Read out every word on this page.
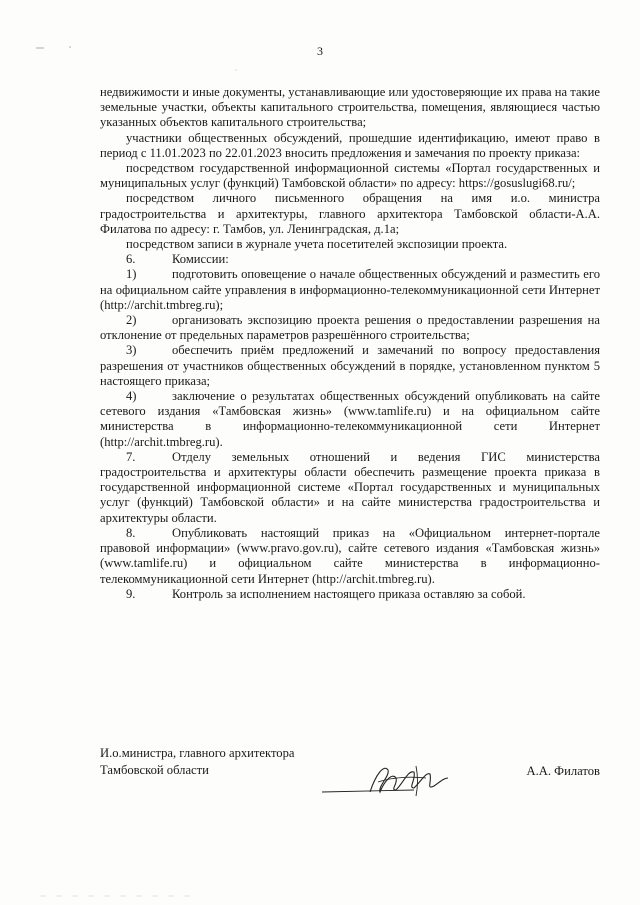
3

недвижимости и иные документы, устанавливающие или удостоверяющие их права на такие земельные участки, объекты капитального строительства, помещения, являющиеся частью указанных объектов капитального строительства;

участники общественных обсуждений, прошедшие идентификацию, имеют право в период с 11.01.2023 по 22.01.2023 вносить предложения и замечания по проекту приказа:

посредством государственной информационной системы «Портал государственных и муниципальных услуг (функций) Тамбовской области» по адресу: https://gosuslugi68.ru/;

посредством личного письменного обращения на имя и.о. министра градостроительства и архитектуры, главного архитектора Тамбовской области-А.А. Филатова по адресу: г. Тамбов, ул. Ленинградская, д.1а;

посредством записи в журнале учета посетителей экспозиции проекта.

6.	Комиссии:

1)	подготовить оповещение о начале общественных обсуждений и разместить его на официальном сайте управления в информационно-телекоммуникационной сети Интернет (http://archit.tmbreg.ru);

2)	организовать экспозицию проекта решения о предоставлении разрешения на отклонение от предельных параметров разрешённого строительства;

3)	обеспечить приём предложений и замечаний по вопросу предоставления разрешения от участников общественных обсуждений в порядке, установленном пунктом 5 настоящего приказа;

4)	заключение о результатах общественных обсуждений опубликовать на сайте сетевого издания «Тамбовская жизнь» (www.tamlife.ru) и на официальном сайте министерства в информационно-телекоммуникационной сети Интернет (http://archit.tmbreg.ru).

7.	Отделу земельных отношений и ведения ГИС министерства градостроительства и архитектуры области обеспечить размещение проекта приказа в государственной информационной системе «Портал государственных и муниципальных услуг (функций) Тамбовской области» и на сайте министерства градостроительства и архитектуры области.

8.	Опубликовать настоящий приказ на «Официальном интернет-портале правовой информации» (www.pravo.gov.ru), сайте сетевого издания «Тамбовская жизнь» (www.tamlife.ru) и официальном сайте министерства в информационно-телекоммуникационной сети Интернет (http://archit.tmbreg.ru).

9.	Контроль за исполнением настоящего приказа оставляю за собой.

И.о.министра, главного архитектора
Тамбовской области	А.А. Филатов
